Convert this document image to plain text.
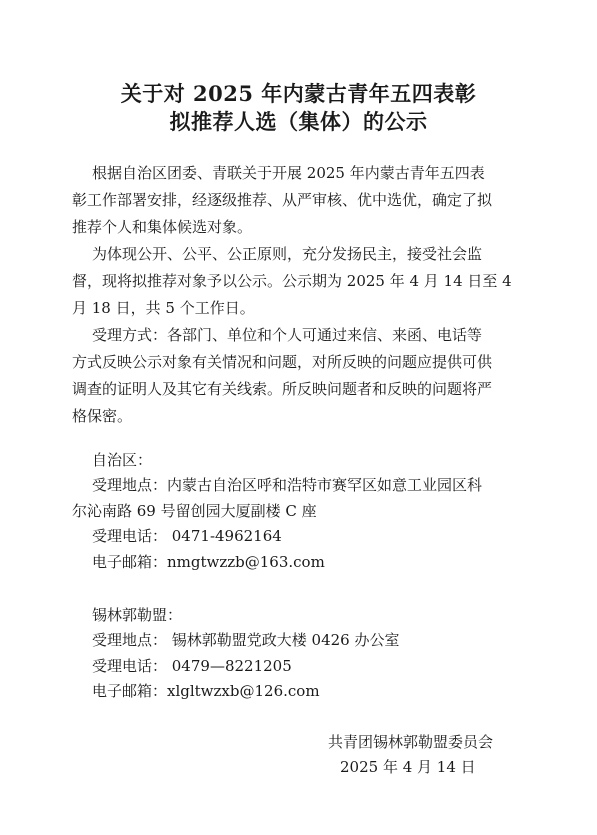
关于对 2025 年内蒙古青年五四表彰
拟推荐人选（集体）的公示

根据自治区团委、青联关于开展 2025 年内蒙古青年五四表

彰工作部署安排，经逐级推荐、从严审核、优中选优，确定了拟

推荐个人和集体候选对象。

为体现公开、公平、公正原则，充分发扬民主，接受社会监

督，现将拟推荐对象予以公示。公示期为 2025 年 4 月 14 日至 4

月 18 日，共 5 个工作日。

受理方式：各部门、单位和个人可通过来信、来函、电话等

方式反映公示对象有关情况和问题，对所反映的问题应提供可供

调查的证明人及其它有关线索。所反映问题者和反映的问题将严

格保密。

自治区：

受理地点：内蒙古自治区呼和浩特市赛罕区如意工业园区科

尔沁南路 69 号留创园大厦副楼 C 座

受理电话： 0471-4962164

电子邮箱：nmgtwzzb@163.com

锡林郭勒盟：

受理地点： 锡林郭勒盟党政大楼 0426 办公室

受理电话： 0479—8221205

电子邮箱：xlgltwzxb@126.com

共青团锡林郭勒盟委员会
2025 年 4 月 14 日
